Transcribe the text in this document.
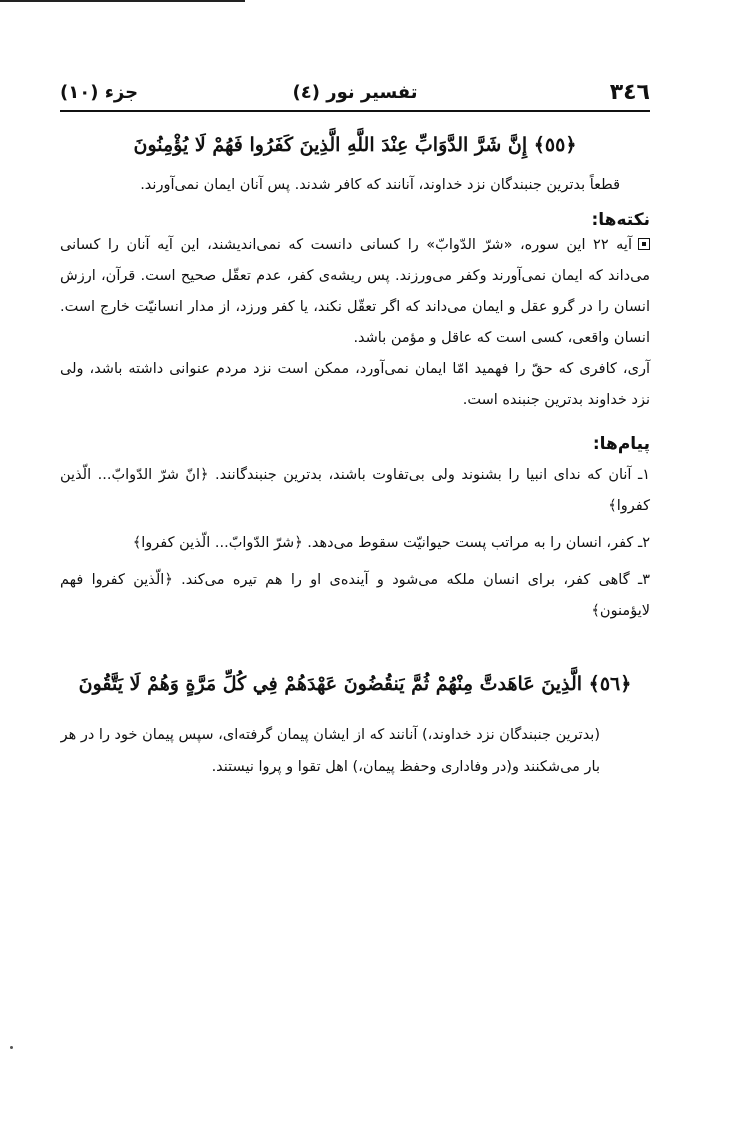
٣٤٦
تفسیر نور (٤)
جزء (١٠)
﴿٥٥﴾ إِنَّ شَرَّ الدَّوَابِّ عِنْدَ اللَّهِ الَّذِينَ كَفَرُوا فَهُمْ لَا يُؤْمِنُونَ
قطعاً بدترین جنبندگان نزد خداوند، آنانند که کافر شدند. پس آنان ایمان نمی‌آورند.
نکته‌ها:
آیه ٢٢ این سوره، «شرّ الدّوابّ» را کسانی دانست که نمی‌اندیشند، این آیه آنان را کسانی می‌داند که ایمان نمی‌آورند وکفر می‌ورزند. پس ریشه‌ی کفر، عدم تعقّل صحیح است. قرآن، ارزش انسان را در گرو عقل و ایمان می‌داند که اگر تعقّل نکند، یا کفر ورزد، از مدار انسانیّت خارج است. انسان واقعی، کسی است که عاقل و مؤمن باشد.
آری، کافری که حقّ را فهمید امّا ایمان نمی‌آورد، ممکن است نزد مردم عنوانی داشته باشد، ولی نزد خداوند بدترین جنبنده است.
پیام‌ها:
١ـ آنان که ندای انبیا را بشنوند ولی بی‌تفاوت باشند، بدترین جنبندگانند. ﴿انّ شرّ الدّوابّ... الّذین کفروا﴾
٢ـ کفر، انسان را به مراتب پست حیوانیّت سقوط می‌دهد. ﴿شرّ الدّوابّ... الّذین کفروا﴾
٣ـ گاهی کفر، برای انسان ملکه می‌شود و آینده‌ی او را هم تیره می‌کند. ﴿الّذین کفروا فهم لایؤمنون﴾
﴿٥٦﴾ الَّذِينَ عَاهَدتَّ مِنْهُمْ ثُمَّ يَنقُضُونَ عَهْدَهُمْ فِي كُلِّ مَرَّةٍ وَهُمْ لَا يَتَّقُونَ
(بدترین جنبندگان نزد خداوند،) آنانند که از ایشان پیمان گرفته‌ای، سپس پیمان خود را در هر بار می‌شکنند و(در وفاداری وحفظ پیمان،) اهل تقوا و پروا نیستند.
